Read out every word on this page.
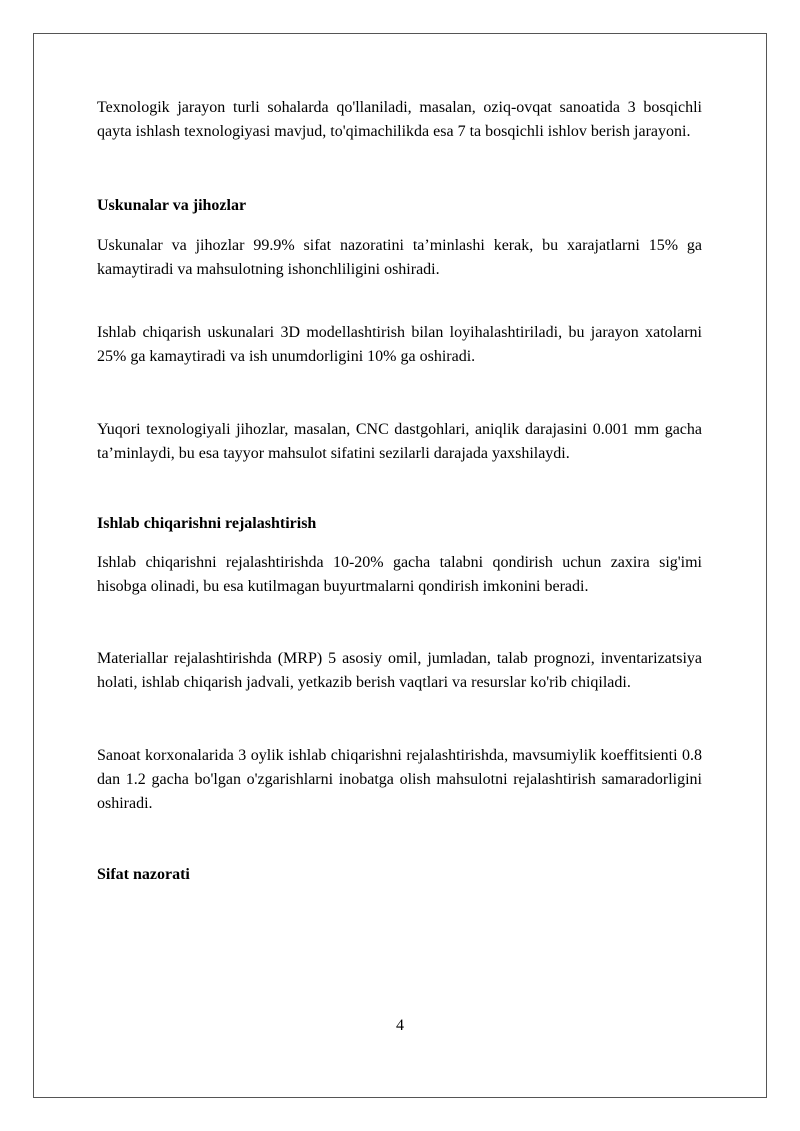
Texnologik jarayon turli sohalarda qo'llaniladi, masalan, oziq-ovqat sanoatida 3 bosqichli qayta ishlash texnologiyasi mavjud, to'qimachilikda esa 7 ta bosqichli ishlov berish jarayoni.

Uskunalar va jihozlar

Uskunalar va jihozlar 99.9% sifat nazoratini ta’minlashi kerak, bu xarajatlarni 15% ga kamaytiradi va mahsulotning ishonchliligini oshiradi.

Ishlab chiqarish uskunalari 3D modellashtirish bilan loyihalashtiriladi, bu jarayon xatolarni 25% ga kamaytiradi va ish unumdorligini 10% ga oshiradi.

Yuqori texnologiyali jihozlar, masalan, CNC dastgohlari, aniqlik darajasini 0.001 mm gacha ta’minlaydi, bu esa tayyor mahsulot sifatini sezilarli darajada yaxshilaydi.

Ishlab chiqarishni rejalashtirish

Ishlab chiqarishni rejalashtirishda 10-20% gacha talabni qondirish uchun zaxira sig'imi hisobga olinadi, bu esa kutilmagan buyurtmalarni qondirish imkonini beradi.

Materiallar rejalashtirishda (MRP) 5 asosiy omil, jumladan, talab prognozi, inventarizatsiya holati, ishlab chiqarish jadvali, yetkazib berish vaqtlari va resurslar ko'rib chiqiladi.

Sanoat korxonalarida 3 oylik ishlab chiqarishni rejalashtirishda, mavsumiylik koeffitsienti 0.8 dan 1.2 gacha bo'lgan o'zgarishlarni inobatga olish mahsulotni rejalashtirish samaradorligini oshiradi.

Sifat nazorati
4
